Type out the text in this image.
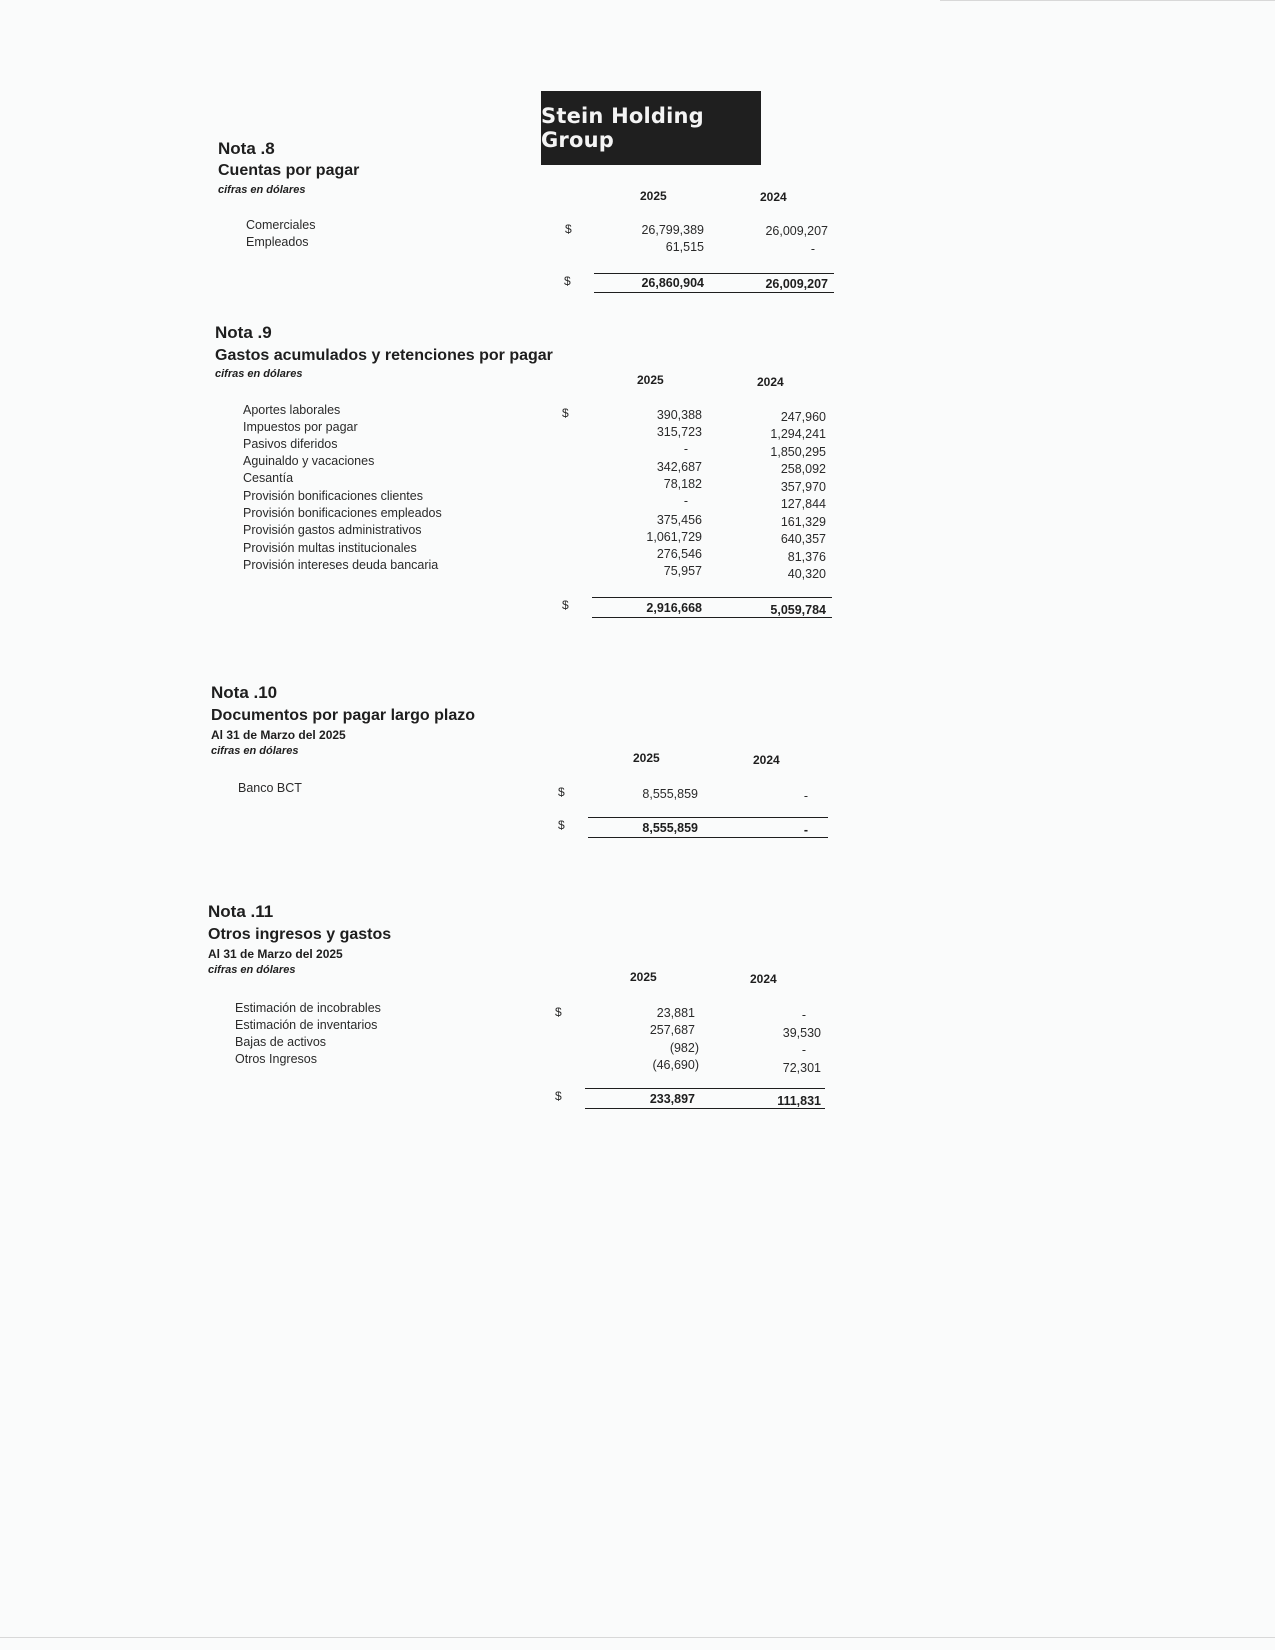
Stein Holding Group
Nota .8
Cuentas por pagar
cifras en dólares	2025	2024
Comerciales	$	26,799,389	26,009,207
Empleados	61,515	-
$	26,860,904	26,009,207
Nota .9
Gastos acumulados y retenciones por pagar
cifras en dólares	2025	2024
Aportes laborales	$	390,388	247,960
Impuestos por pagar	315,723	1,294,241
Pasivos diferidos	-	1,850,295
Aguinaldo y vacaciones	342,687	258,092
Cesantía	78,182	357,970
Provisión bonificaciones clientes	-	127,844
Provisión bonificaciones empleados	375,456	161,329
Provisión gastos administrativos	1,061,729	640,357
Provisión multas institucionales	276,546	81,376
Provisión intereses deuda bancaria	75,957	40,320
$	2,916,668	5,059,784
Nota .10
Documentos por pagar largo plazo
Al 31 de Marzo del 2025
cifras en dólares	2025	2024
Banco BCT	$	8,555,859	-
$	8,555,859	-
Nota .11
Otros ingresos y gastos
Al 31 de Marzo del 2025
cifras en dólares	2025	2024
Estimación de incobrables	$	23,881	-
Estimación de inventarios	257,687	39,530
Bajas de activos	(982)	-
Otros Ingresos	(46,690)	72,301
$	233,897	111,831
